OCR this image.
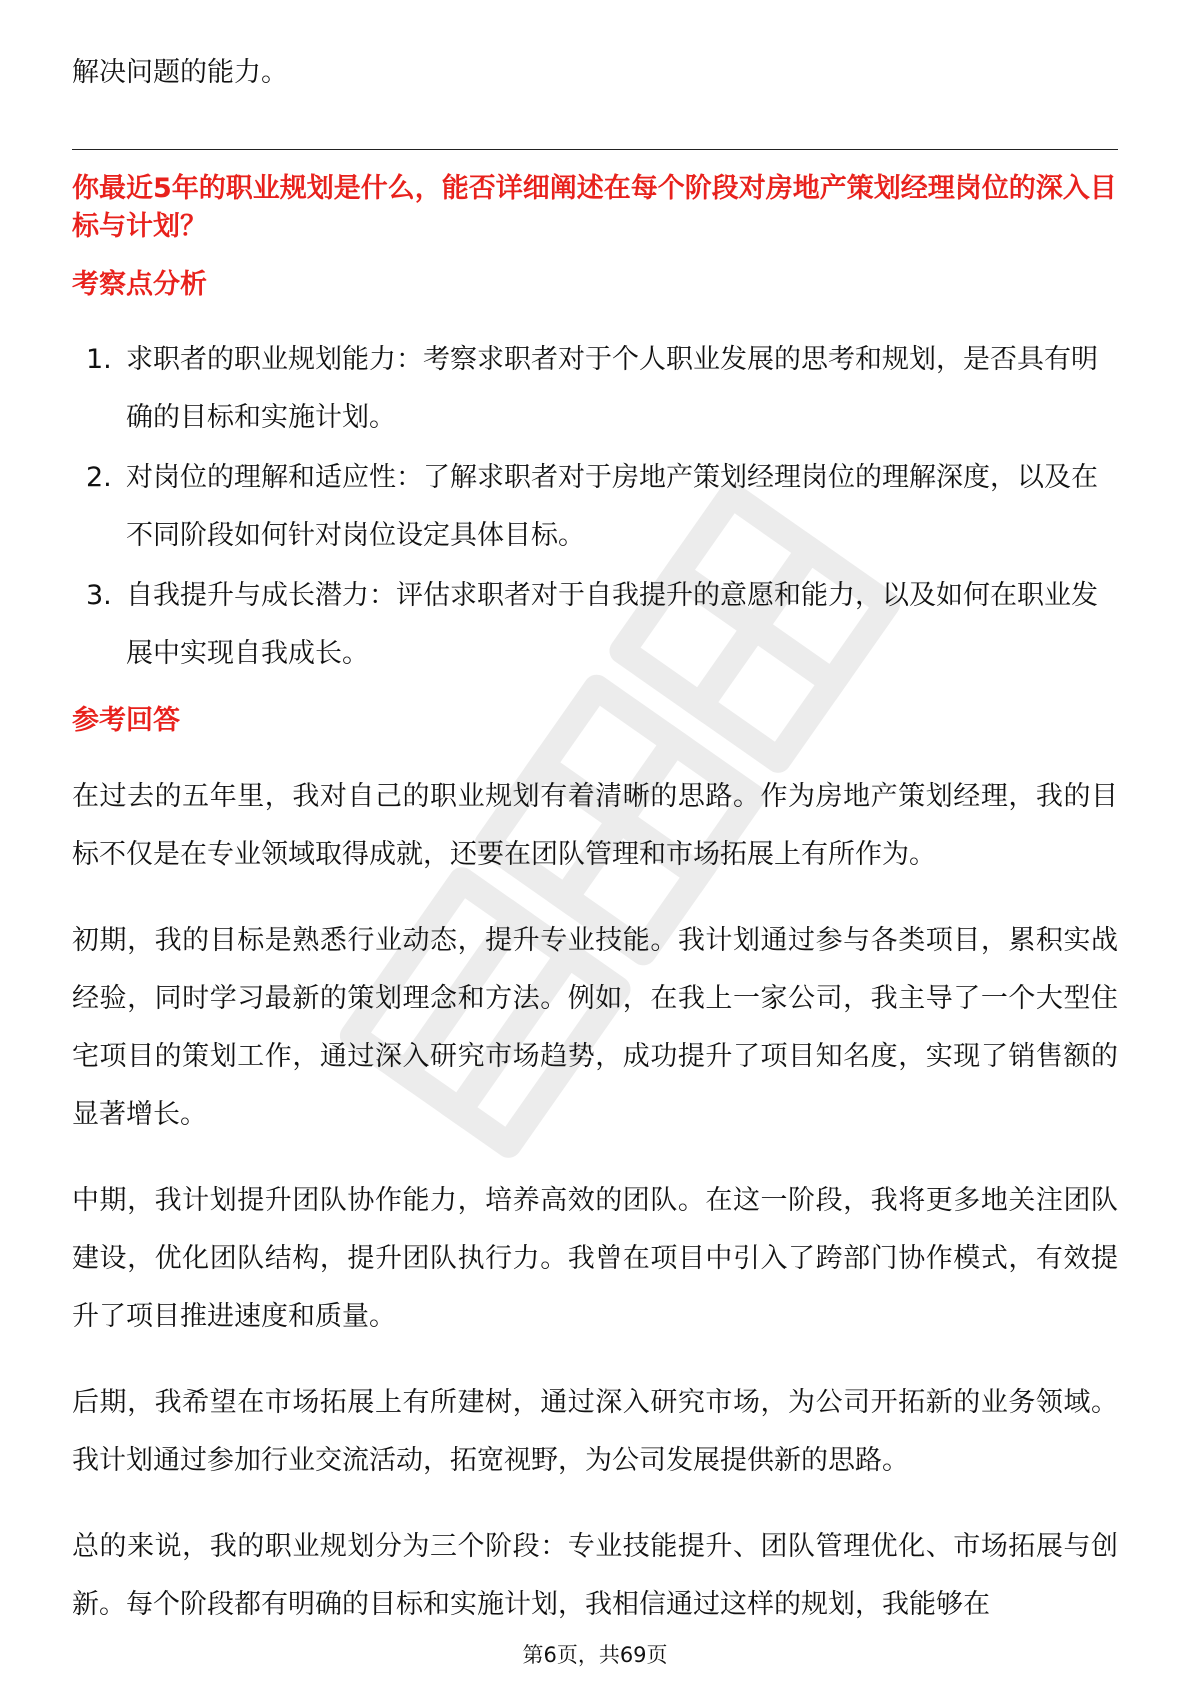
解决问题的能力。

你最近5年的职业规划是什么，能否详细阐述在每个阶段对房地产策划经理岗位的深入目标与计划？
考察点分析
1. 求职者的职业规划能力：考察求职者对于个人职业发展的思考和规划，是否具有明确的目标和实施计划。
2. 对岗位的理解和适应性：了解求职者对于房地产策划经理岗位的理解深度，以及在不同阶段如何针对岗位设定具体目标。
3. 自我提升与成长潜力：评估求职者对于自我提升的意愿和能力，以及如何在职业发展中实现自我成长。
参考回答

在过去的五年里，我对自己的职业规划有着清晰的思路。作为房地产策划经理，我的目标不仅是在专业领域取得成就，还要在团队管理和市场拓展上有所作为。

初期，我的目标是熟悉行业动态，提升专业技能。我计划通过参与各类项目，累积实战经验，同时学习最新的策划理念和方法。例如，在我上一家公司，我主导了一个大型住宅项目的策划工作，通过深入研究市场趋势，成功提升了项目知名度，实现了销售额的显著增长。

中期，我计划提升团队协作能力，培养高效的团队。在这一阶段，我将更多地关注团队建设，优化团队结构，提升团队执行力。我曾在项目中引入了跨部门协作模式，有效提升了项目推进速度和质量。

后期，我希望在市场拓展上有所建树，通过深入研究市场，为公司开拓新的业务领域。我计划通过参加行业交流活动，拓宽视野，为公司发展提供新的思路。

总的来说，我的职业规划分为三个阶段：专业技能提升、团队管理优化、市场拓展与创新。每个阶段都有明确的目标和实施计划，我相信通过这样的规划，我能够在

第6页，共69页
